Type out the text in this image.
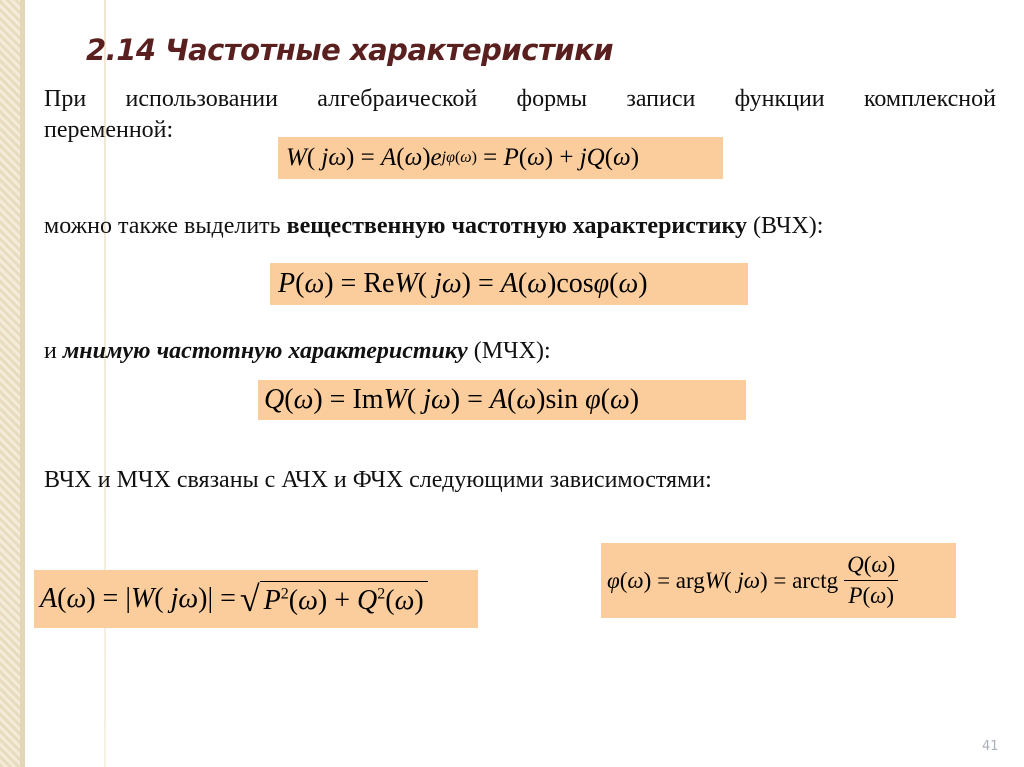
2.14 Частотные характеристики
При использовании алгебраической формы записи функции комплексной
переменной:
W ( jω ) = A ( ω ) e jφ(ω) = P ( ω ) + jQ ( ω )
можно также выделить вещественную частотную характеристику (ВЧХ):
P ( ω ) = Re W ( jω ) = A ( ω )cos φ ( ω )
и мнимую частотную характеристику (МЧХ):
Q ( ω ) = Im W ( jω ) = A ( ω )sin φ ( ω )
ВЧХ и МЧХ связаны с АЧХ и ФЧХ следующими зависимостями:
A ( ω ) = | W ( jω )| = √ $P^2(\omega) + Q^2(\omega)$
φ ( ω ) = arg W ( jω ) = arctg $\frac{Q(\omega)}{P(\omega)}$
41
